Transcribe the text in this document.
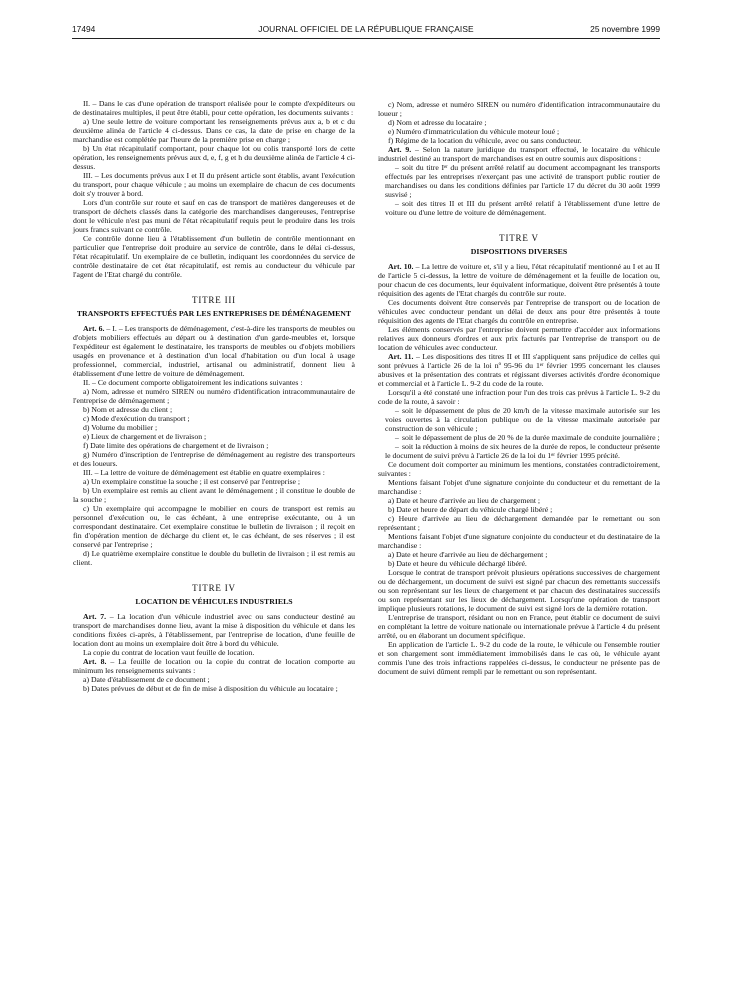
17494	JOURNAL OFFICIEL DE LA RÉPUBLIQUE FRANÇAISE	25 novembre 1999

II. – Dans le cas d'une opération de transport réalisée pour le compte d'expéditeurs ou de destinataires multiples, il peut être établi, pour cette opération, les documents suivants :

a) Une seule lettre de voiture comportant les renseignements prévus aux a, b et c du deuxième alinéa de l'article 4 ci-dessus. Dans ce cas, la date de prise en charge de la marchandise est complétée par l'heure de la première prise en charge ;

b) Un état récapitulatif comportant, pour chaque lot ou colis transporté lors de cette opération, les renseignements prévus aux d, e, f, g et h du deuxième alinéa de l'article 4 ci-dessus.

III. – Les documents prévus aux I et II du présent article sont établis, avant l'exécution du transport, pour chaque véhicule ; au moins un exemplaire de chacun de ces documents doit s'y trouver à bord.

Lors d'un contrôle sur route et sauf en cas de transport de matières dangereuses et de transport de déchets classés dans la catégorie des marchandises dangereuses, l'entreprise dont le véhicule n'est pas muni de l'état récapitulatif requis peut le produire dans les trois jours francs suivant ce contrôle.

Ce contrôle donne lieu à l'établissement d'un bulletin de contrôle mentionnant en particulier que l'entreprise doit produire au service de contrôle, dans le délai ci-dessus, l'état récapitulatif. Un exemplaire de ce bulletin, indiquant les coordonnées du service de contrôle destinataire de cet état récapitulatif, est remis au conducteur du véhicule par l'agent de l'Etat chargé du contrôle.

TITRE III
TRANSPORTS EFFECTUÉS PAR LES ENTREPRISES DE DÉMÉNAGEMENT

Art. 6. – I. – Les transports de déménagement, c'est-à-dire les transports de meubles ou d'objets mobiliers effectués au départ ou à destination d'un garde-meubles et, lorsque l'expéditeur est également le destinataire, les transports de meubles ou d'objets mobiliers usagés en provenance et à destination d'un local d'habitation ou d'un local à usage professionnel, commercial, industriel, artisanal ou administratif, donnent lieu à établissement d'une lettre de voiture de déménagement.

II. – Ce document comporte obligatoirement les indications suivantes :

a) Nom, adresse et numéro SIREN ou numéro d'identification intracommunautaire de l'entreprise de déménagement ;

b) Nom et adresse du client ;

c) Mode d'exécution du transport ;

d) Volume du mobilier ;

e) Lieux de chargement et de livraison ;

f) Date limite des opérations de chargement et de livraison ;

g) Numéro d'inscription de l'entreprise de déménagement au registre des transporteurs et des loueurs.

III. – La lettre de voiture de déménagement est établie en quatre exemplaires :

a) Un exemplaire constitue la souche ; il est conservé par l'entreprise ;

b) Un exemplaire est remis au client avant le déménagement ; il constitue le double de la souche ;

c) Un exemplaire qui accompagne le mobilier en cours de transport est remis au personnel d'exécution ou, le cas échéant, à une entreprise exécutante, ou à un correspondant destinataire. Cet exemplaire constitue le bulletin de livraison ; il reçoit en fin d'opération mention de décharge du client et, le cas échéant, de ses réserves ; il est conservé par l'entreprise ;

d) Le quatrième exemplaire constitue le double du bulletin de livraison ; il est remis au client.

TITRE IV
LOCATION DE VÉHICULES INDUSTRIELS

Art. 7. – La location d'un véhicule industriel avec ou sans conducteur destiné au transport de marchandises donne lieu, avant la mise à disposition du véhicule et dans les conditions fixées ci-après, à l'établissement, par l'entreprise de location, d'une feuille de location dont au moins un exemplaire doit être à bord du véhicule.

La copie du contrat de location vaut feuille de location.

Art. 8. – La feuille de location ou la copie du contrat de location comporte au minimum les renseignements suivants :

a) Date d'établissement de ce document ;

b) Dates prévues de début et de fin de mise à disposition du véhicule au locataire ;

c) Nom, adresse et numéro SIREN ou numéro d'identification intracommunautaire du loueur ;

d) Nom et adresse du locataire ;

e) Numéro d'immatriculation du véhicule moteur loué ;

f) Régime de la location du véhicule, avec ou sans conducteur.

Art. 9. – Selon la nature juridique du transport effectué, le locataire du véhicule industriel destiné au transport de marchandises est en outre soumis aux dispositions :

– soit du titre Iᵉʳ du présent arrêté relatif au document accompagnant les transports effectués par les entreprises n'exerçant pas une activité de transport public routier de marchandises ou dans les conditions définies par l'article 17 du décret du 30 août 1999 susvisé ;

– soit des titres II et III du présent arrêté relatif à l'établissement d'une lettre de voiture ou d'une lettre de voiture de déménagement.

TITRE V
DISPOSITIONS DIVERSES

Art. 10. – La lettre de voiture et, s'il y a lieu, l'état récapitulatif mentionné au I et au II de l'article 5 ci-dessus, la lettre de voiture de déménagement et la feuille de location ou, pour chacun de ces documents, leur équivalent informatique, doivent être présentés à toute réquisition des agents de l'Etat chargés du contrôle sur route.

Ces documents doivent être conservés par l'entreprise de transport ou de location de véhicules avec conducteur pendant un délai de deux ans pour être présentés à toute réquisition des agents de l'Etat chargés du contrôle en entreprise.

Les éléments conservés par l'entreprise doivent permettre d'accéder aux informations relatives aux donneurs d'ordres et aux prix facturés par l'entreprise de transport ou de location de véhicules avec conducteur.

Art. 11. – Les dispositions des titres II et III s'appliquent sans préjudice de celles qui sont prévues à l'article 26 de la loi nº 95-96 du 1ᵉʳ février 1995 concernant les clauses abusives et la présentation des contrats et régissant diverses activités d'ordre économique et commercial et à l'article L. 9-2 du code de la route.

Lorsqu'il a été constaté une infraction pour l'un des trois cas prévus à l'article L. 9-2 du code de la route, à savoir :

– soit le dépassement de plus de 20 km/h de la vitesse maximale autorisée sur les voies ouvertes à la circulation publique ou de la vitesse maximale autorisée par construction de son véhicule ;

– soit le dépassement de plus de 20 % de la durée maximale de conduite journalière ;

– soit la réduction à moins de six heures de la durée de repos, le conducteur présente le document de suivi prévu à l'article 26 de la loi du 1ᵉʳ février 1995 précité.

Ce document doit comporter au minimum les mentions, constatées contradictoirement, suivantes :

Mentions faisant l'objet d'une signature conjointe du conducteur et du remettant de la marchandise :

a) Date et heure d'arrivée au lieu de chargement ;

b) Date et heure de départ du véhicule chargé libéré ;

c) Heure d'arrivée au lieu de déchargement demandée par le remettant ou son représentant ;

Mentions faisant l'objet d'une signature conjointe du conducteur et du destinataire de la marchandise :

a) Date et heure d'arrivée au lieu de déchargement ;

b) Date et heure du véhicule déchargé libéré.

Lorsque le contrat de transport prévoit plusieurs opérations successives de chargement ou de déchargement, un document de suivi est signé par chacun des remettants successifs ou son représentant sur les lieux de chargement et par chacun des destinataires successifs ou son représentant sur les lieux de déchargement. Lorsqu'une opération de transport implique plusieurs rotations, le document de suivi est signé lors de la dernière rotation.

L'entreprise de transport, résidant ou non en France, peut établir ce document de suivi en complétant la lettre de voiture nationale ou internationale prévue à l'article 4 du présent arrêté, ou en élaborant un document spécifique.

En application de l'article L. 9-2 du code de la route, le véhicule ou l'ensemble routier et son chargement sont immédiatement immobilisés dans le cas où, le véhicule ayant commis l'une des trois infractions rappelées ci-dessus, le conducteur ne présente pas de document de suivi dûment rempli par le remettant ou son représentant.
